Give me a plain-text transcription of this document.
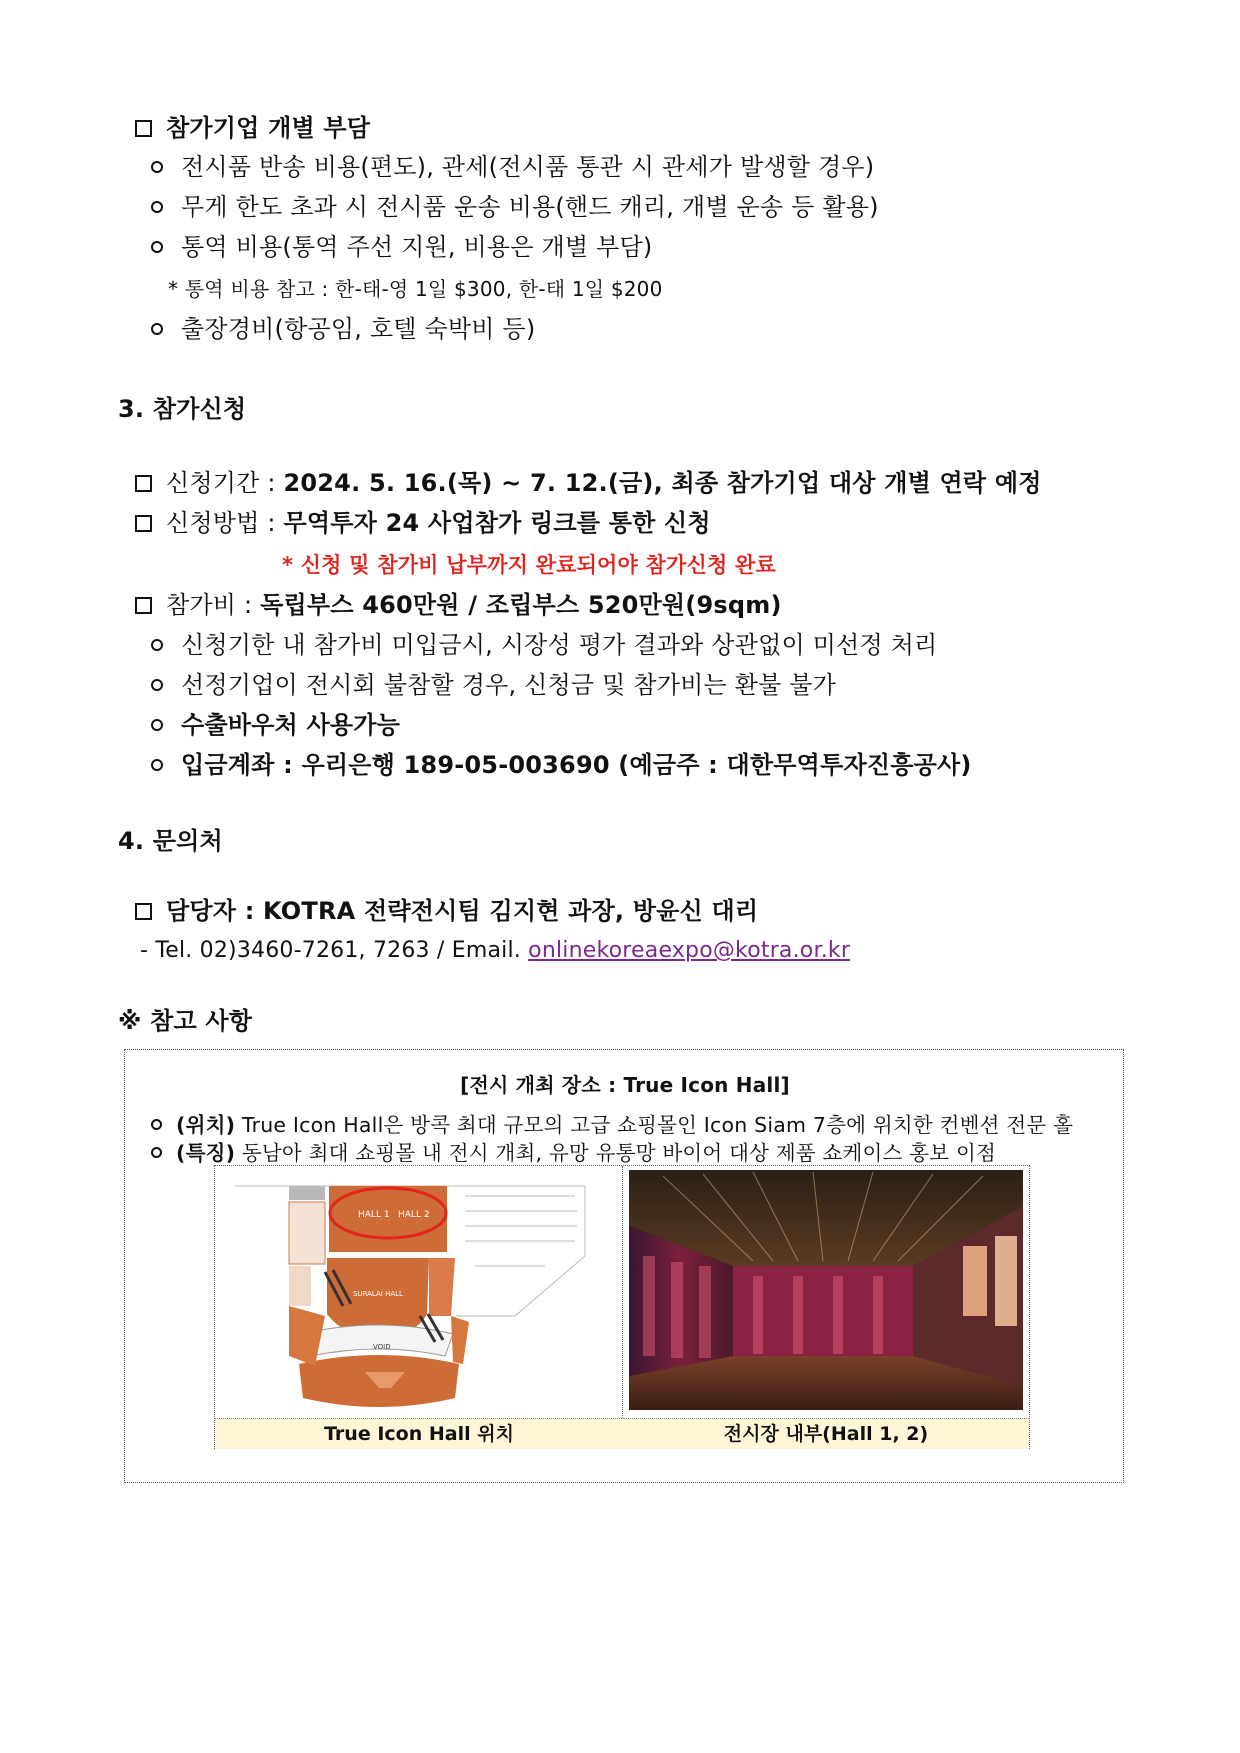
참가기업 개별 부담
전시품 반송 비용(편도), 관세(전시품 통관 시 관세가 발생할 경우)
무게 한도 초과 시 전시품 운송 비용(핸드 캐리, 개별 운송 등 활용)
통역 비용(통역 주선 지원, 비용은 개별 부담)
* 통역 비용 참고 : 한-태-영 1일 $300, 한-태 1일 $200
출장경비(항공임, 호텔 숙박비 등)
3. 참가신청
신청기간 : 2024. 5. 16.(목) ~ 7. 12.(금), 최종 참가기업 대상 개별 연락 예정
신청방법 : 무역투자 24 사업참가 링크를 통한 신청
* 신청 및 참가비 납부까지 완료되어야 참가신청 완료
참가비 : 독립부스 460만원 / 조립부스 520만원(9sqm)
신청기한 내 참가비 미입금시, 시장성 평가 결과와 상관없이 미선정 처리
선정기업이 전시회 불참할 경우, 신청금 및 참가비는 환불 불가
수출바우처 사용가능
입금계좌 : 우리은행 189-05-003690 (예금주 : 대한무역투자진흥공사)
4. 문의처
담당자 : KOTRA 전략전시팀 김지현 과장, 방윤신 대리
- Tel. 02)3460-7261, 7263 / Email. onlinekoreaexpo@kotra.or.kr
※ 참고 사항
[전시 개최 장소 : True Icon Hall]
(위치) True Icon Hall은 방콕 최대 규모의 고급 쇼핑몰인 Icon Siam 7층에 위치한 컨벤션 전문 홀
(특징) 동남아 최대 쇼핑몰 내 전시 개최, 유망 유통망 바이어 대상 제품 쇼케이스 홍보 이점
HALL 1 HALL 2
SURALAI HALL
VOID
True Icon Hall 위치	전시장 내부(Hall 1, 2)
